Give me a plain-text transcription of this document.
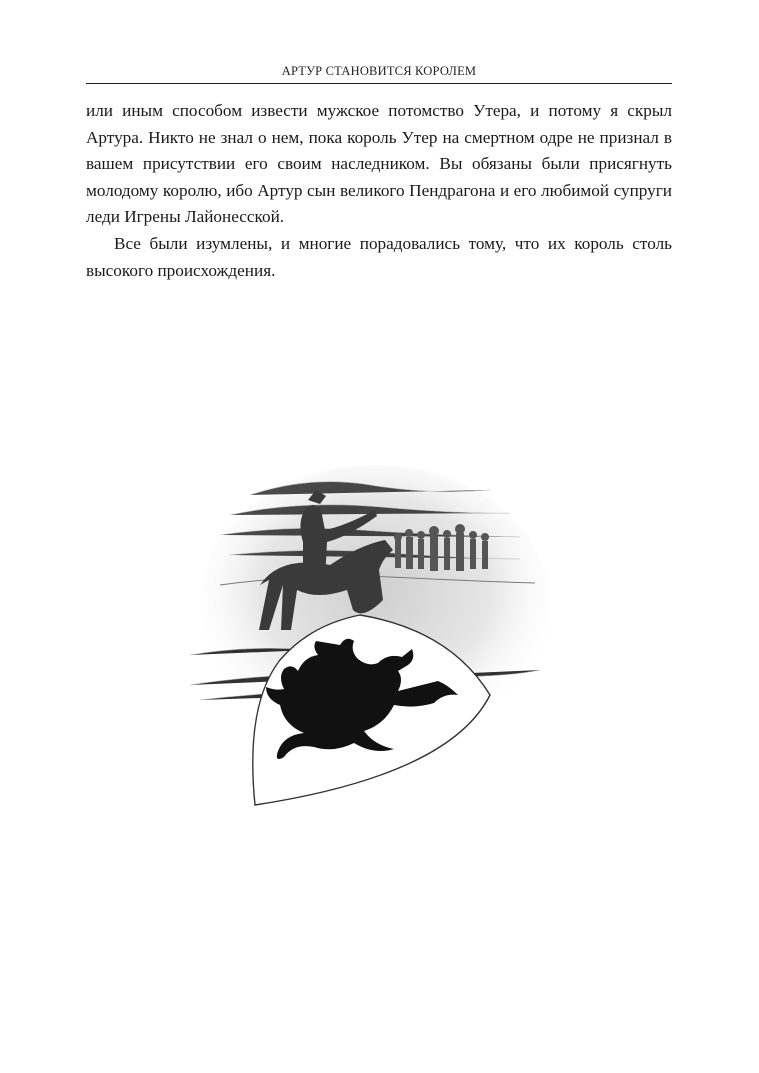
АРТУР СТАНОВИТСЯ КОРОЛЕМ

или иным способом извести мужское потомство Утера, и потому я скрыл Артура. Никто не знал о нем, пока король Утер на смертном одре не признал в вашем присутствии его своим наследником. Вы обязаны были присягнуть молодому королю, ибо Артур сын великого Пендрагона и его любимой супруги леди Игрены Лайонесской.

Все были изумлены, и многие порадовались тому, что их король столь высокого происхождения.
